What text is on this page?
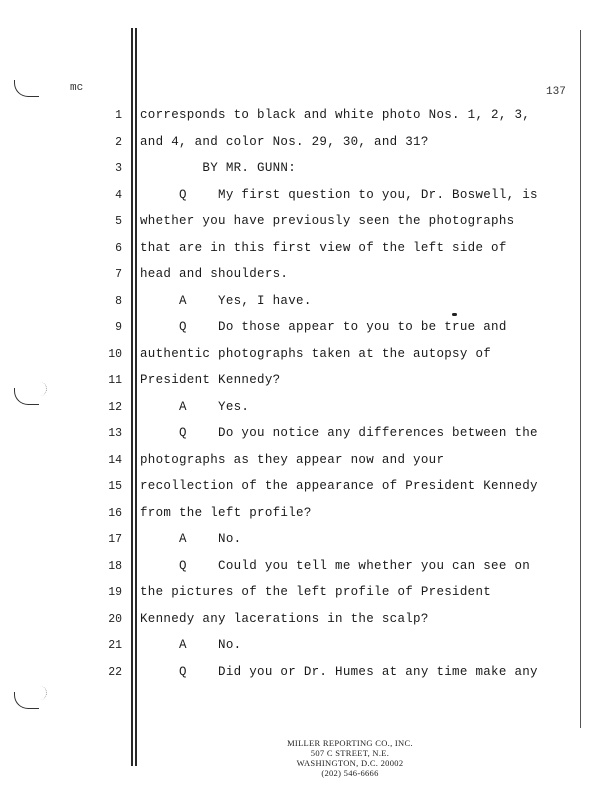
mc	137

1 corresponds to black and white photo Nos. 1, 2, 3,
2 and 4, and color Nos. 29, 30, and 31?
3 BY MR. GUNN:
4 Q    My first question to you, Dr. Boswell, is
5 whether you have previously seen the photographs
6 that are in this first view of the left side of
7 head and shoulders.
8 A    Yes, I have.
9 Q    Do those appear to you to be true and
10 authentic photographs taken at the autopsy of
11 President Kennedy?
12 A    Yes.
13 Q    Do you notice any differences between the
14 photographs as they appear now and your
15 recollection of the appearance of President Kennedy
16 from the left profile?
17 A    No.
18 Q    Could you tell me whether you can see on
19 the pictures of the left profile of President
20 Kennedy any lacerations in the scalp?
21 A    No.
22 Q    Did you or Dr. Humes at any time make any
MILLER REPORTING CO., INC.
507 C STREET, N.E.
WASHINGTON, D.C. 20002
(202) 546-6666
